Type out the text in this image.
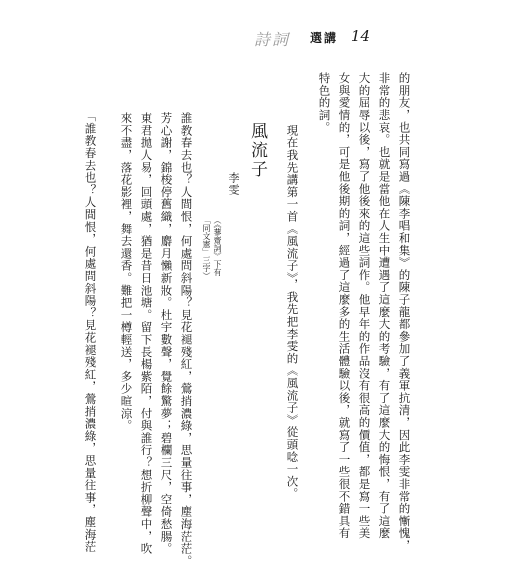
詩詞 選講 14
的朋友，也共同寫過《陳李唱和集》的陳子龍都參加了義軍抗清，因此李雯非常的慚愧，
非常的悲哀。也就是當他在人生中遭遇了這麼大的考驗，有了這麼大的悔恨，有了這麼
大的屈辱以後，寫了他後來的這些詞作。他早年的作品沒有很高的價值，都是寫一些美
女與愛情的，可是他後期的詞，經過了這麼多的生活體驗以後，就寫了一些很不錯具有
特色的詞。
　現在我先講第一首《風流子》，我先把李雯的《風流子》從頭唸一次。
風流子
李雯
（《蓼齋詞》下有
「同文憲」三字）
誰教春去也？人間恨，何處問斜陽？見花褪殘紅，鶯捎濃綠，思量往事，塵海茫茫。
芳心謝，錦梭停舊織，麝月懶新妝。杜宇數聲，覺餘驚夢；碧欄三尺，空倚愁腸。
東君拋人易，回頭處，猶是昔日池塘。留下長楊紫陌，付與誰行？想折柳聲中，吹
來不盡，落花影裡，舞去還香。難把一樽輕送，多少暄涼。
「誰教春去也？人間恨，何處問斜陽？見花褪殘紅，鶯捎濃綠，思量往事，塵海茫
